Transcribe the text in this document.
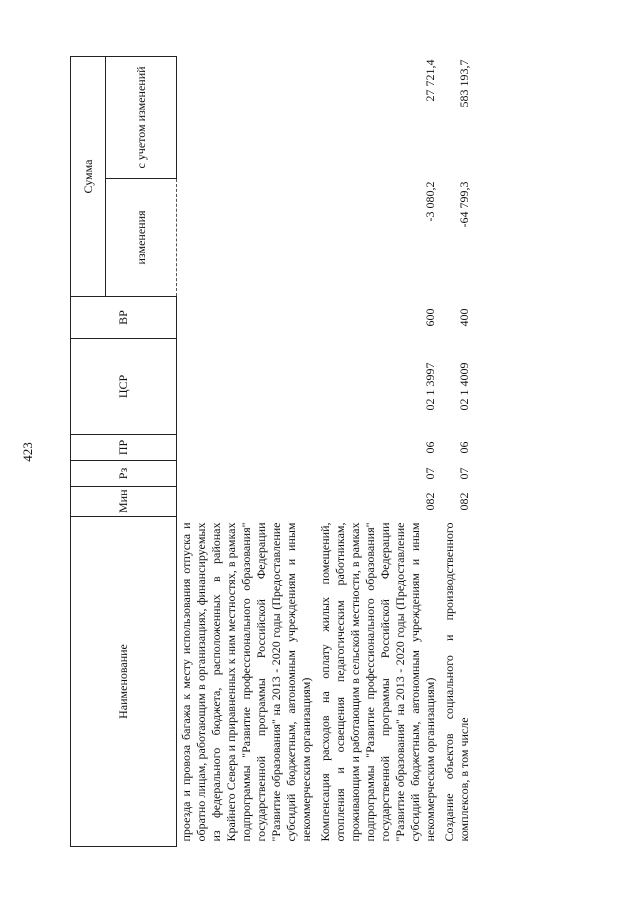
423
Наименование	Мин	Рз	ПР	ЦСР	ВР	Сумма	
						изменения	с учетом изменений
проезда и провоза багажа к месту использования отпуска и обратно лицам, работающим в организациях, финансируемых из федерального бюджета, расположенных в районах Крайнего Севера и приравненных к ним местностях, в рамках подпрограммы "Развитие профессионального образования" государственной программы Российской Федерации "Развитие образования" на 2013 - 2020 годы (Предоставление субсидий бюджетным, автономным учреждениям и иным некоммерческим организациям)							
Компенсация расходов на оплату жилых помещений, отопления и освещения педагогическим работникам, проживающим и работающим в сельской местности, в рамках подпрограммы "Развитие профессионального образования" государственной программы Российской Федерации "Развитие образования" на 2013 - 2020 годы (Предоставление субсидий бюджетным, автономным учреждениям и иным некоммерческим организациям)	082	07	06	02 1 3997	600	-3 080,2	27 721,4
Создание объектов социального и производственного комплексов, в том числе	082	07	06	02 1 4009	400	-64 799,3	583 193,7
